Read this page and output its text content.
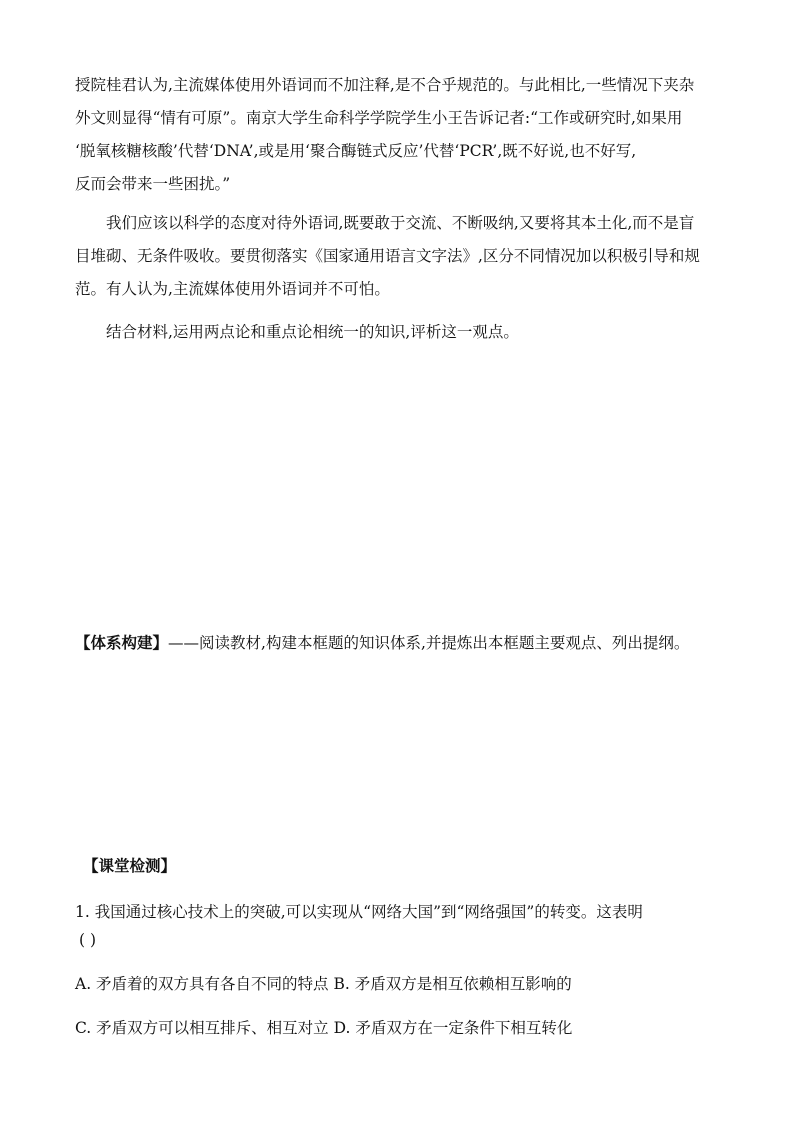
授院桂君认为,主流媒体使用外语词而不加注释,是不合乎规范的。与此相比,一些情况下夹杂
外文则显得“情有可原”。南京大学生命科学学院学生小王告诉记者:“工作或研究时,如果用
‘脱氧核糖核酸’代替‘DNA’,或是用‘聚合酶链式反应’代替‘PCR’,既不好说,也不好写,
反而会带来一些困扰。”
我们应该以科学的态度对待外语词,既要敢于交流、不断吸纳,又要将其本土化,而不是盲
目堆砌、无条件吸收。要贯彻落实《国家通用语言文字法》,区分不同情况加以积极引导和规
范。有人认为,主流媒体使用外语词并不可怕。
结合材料,运用两点论和重点论相统一的知识,评析这一观点。
【体系构建】——阅读教材,构建本框题的知识体系,并提炼出本框题主要观点、列出提纲。
【课堂检测】
1. 我国通过核心技术上的突破,可以实现从“网络大国”到“网络强国”的转变。这表明
( )
A. 矛盾着的双方具有各自不同的特点 B. 矛盾双方是相互依赖相互影响的
C. 矛盾双方可以相互排斥、相互对立 D. 矛盾双方在一定条件下相互转化
